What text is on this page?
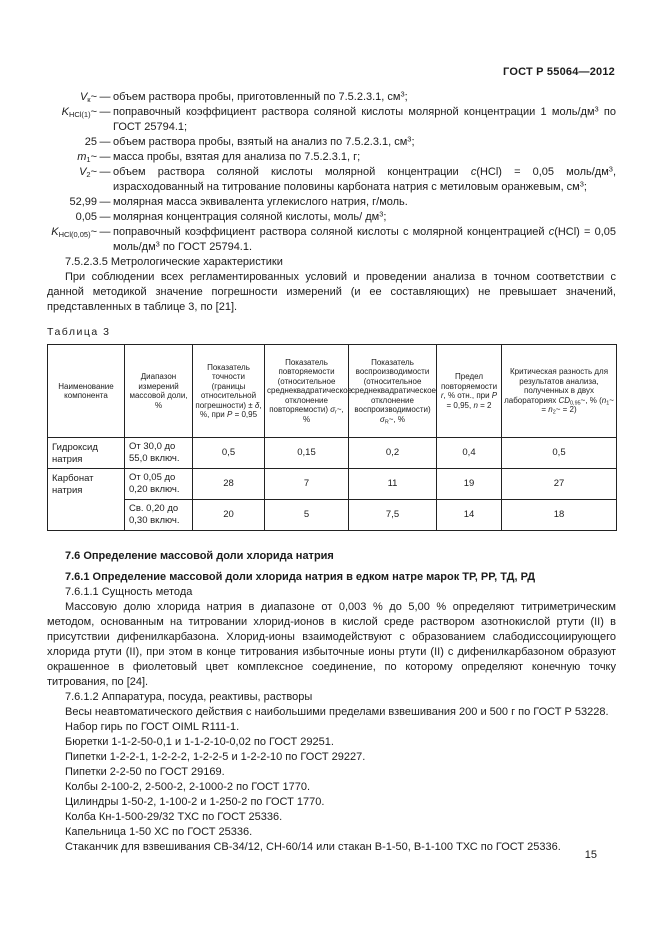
ГОСТ Р 55064—2012
$V_к\sim$ — объем раствора пробы, приготовленный по 7.5.2.3.1, $см^3$;
$K_{HCl(1)}\sim$ — поправочный коэффициент раствора соляной кислоты молярной концентрации 1 моль/$дм^3$ по ГОСТ 25794.1;
25 — объем раствора пробы, взятый на анализ по 7.5.2.3.1, $см^3$;
$m_1\sim$ — масса пробы, взятая для анализа по 7.5.2.3.1, г;
$V_2\sim$ — объем раствора соляной кислоты молярной концентрации c(HCl) = 0,05 моль/$дм^3$, израсходованный на титрование половины карбоната натрия с метиловым оранжевым, $см^3$;
52,99 — молярная масса эквивалента углекислого натрия, г/моль.
0,05 — молярная концентрация соляной кислоты, моль/ $дм^3$;
$K_{HCl(0,05)}\sim$ — поправочный коэффициент раствора соляной кислоты с молярной концентрацией c(HCl) = 0,05 моль/$дм^3$ по ГОСТ 25794.1.

7.5.2.3.5 Метрологические характеристики

При соблюдении всех регламентированных условий и проведении анализа в точном соответствии с данной методикой значение погрешности измерений (и ее составляющих) не превышает значений, представленных в таблице 3, по [21].

Таблица 3
Наименование компонента	Диапазон измерений массовой доли, %	Показатель точности (границы относительной погрешности) ± δ, %, при P = 0,95	Показатель повторяемости (относительное среднеквадратическое отклонение повторяемости) $\sigma_r\sim$, %	Показатель воспроизводимости (относительное среднеквадратическое отклонение воспроизводимости) $\sigma_R\sim$, %	Предел повторяемости r, % отн., при P = 0,95, n = 2	Критическая разность для результатов анализа, полученных в двух лабораториях $CD_{0,95}\sim$, % ($n_1\sim$ = $n_2\sim = 2$)
Гидроксид натрия	От 30,0 до 55,0 включ.	0,5	0,15	0,2	0,4	0,5
Карбонат натрия	От 0,05 до 0,20 включ.	28	7	11	19	27
	Св. 0,20 до 0,30 включ.	20	5	7,5	14	18

7.6 Определение массовой доли хлорида натрия

7.6.1 Определение массовой доли хлорида натрия в едком натре марок ТР, РР, ТД, РД

7.6.1.1 Сущность метода

Массовую долю хлорида натрия в диапазоне от 0,003 % до 5,00 % определяют титриметрическим методом, основанным на титровании хлорид-ионов в кислой среде раствором азотнокислой ртути (II) в присутствии дифенилкарбазона. Хлорид-ионы взаимодействуют с образованием слабодиссоциирующего хлорида ртути (II), при этом в конце титрования избыточные ионы ртути (II) с дифенилкарбазоном образуют окрашенное в фиолетовый цвет комплексное соединение, по которому определяют конечную точку титрования, по [24].

7.6.1.2 Аппаратура, посуда, реактивы, растворы

Весы неавтоматического действия с наибольшими пределами взвешивания 200 и 500 г по ГОСТ Р 53228.

Набор гирь по ГОСТ OIML R111-1.

Бюретки 1-1-2-50-0,1 и 1-1-2-10-0,02 по ГОСТ 29251.

Пипетки 1-2-2-1, 1-2-2-2, 1-2-2-5 и 1-2-2-10 по ГОСТ 29227.

Пипетки 2-2-50 по ГОСТ 29169.

Колбы 2-100-2, 2-500-2, 2-1000-2 по ГОСТ 1770.

Цилиндры 1-50-2, 1-100-2 и 1-250-2 по ГОСТ 1770.

Колба Кн-1-500-29/32 ТХС по ГОСТ 25336.

Капельница 1-50 ХС по ГОСТ 25336.

Стаканчик для взвешивания СВ-34/12, СН-60/14 или стакан В-1-50, В-1-100 ТХС по ГОСТ 25336.

15
